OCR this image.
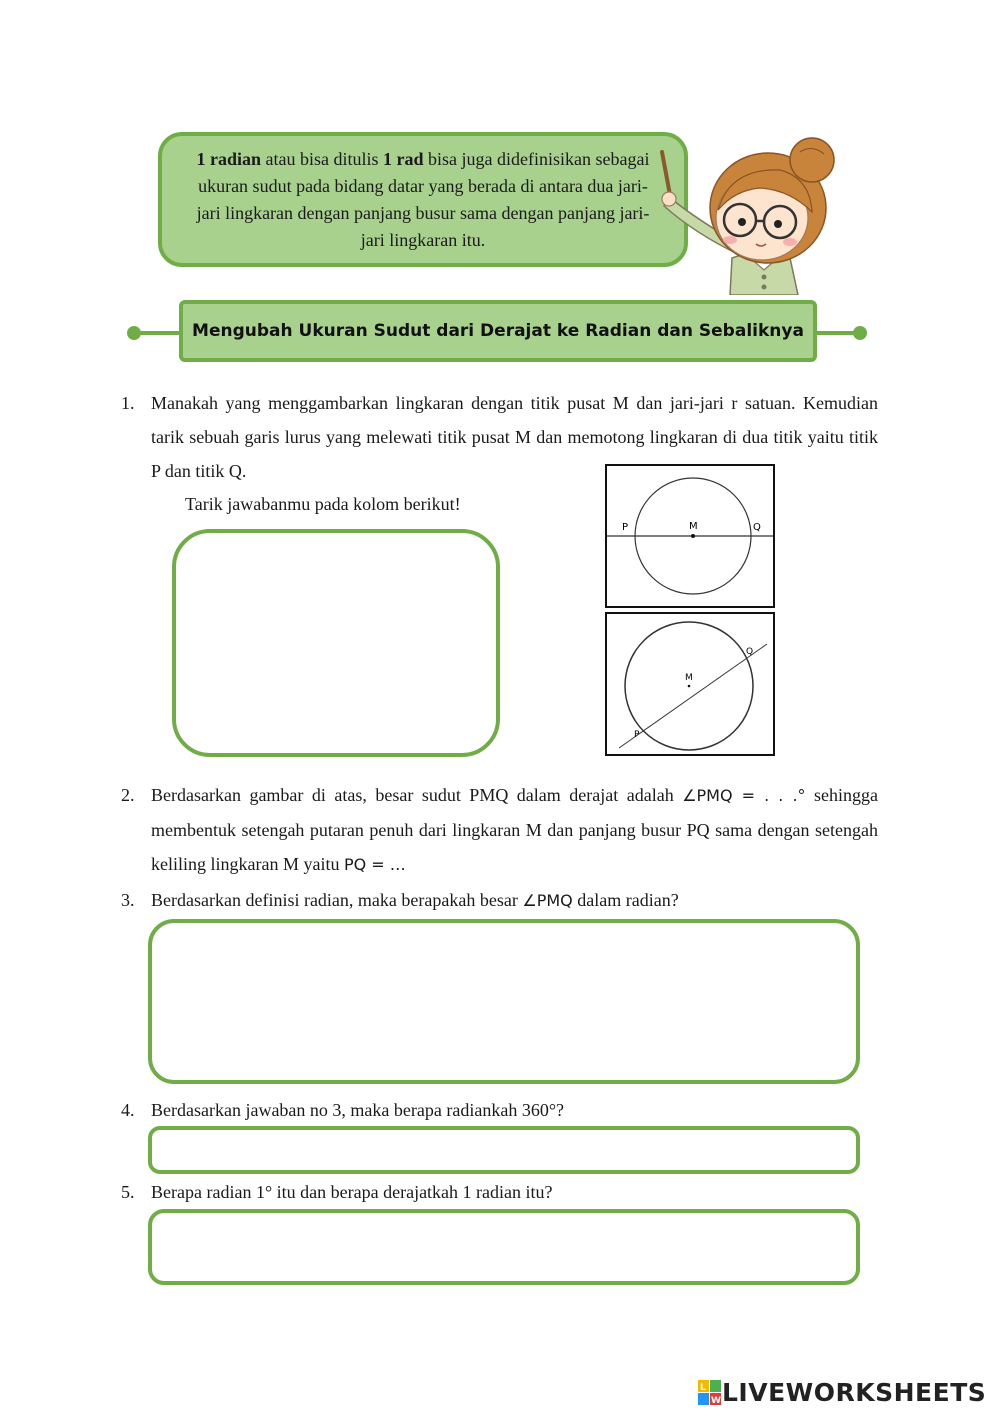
1 radian atau bisa ditulis 1 rad bisa juga didefinisikan sebagai ukuran sudut pada bidang datar yang berada di antara dua jari-jari lingkaran dengan panjang busur sama dengan panjang jari-jari lingkaran itu.

Mengubah Ukuran Sudut dari Derajat ke Radian dan Sebaliknya
1. Manakah yang menggambarkan lingkaran dengan titik pusat M dan jari-jari r satuan. Kemudian tarik sebuah garis lurus yang melewati titik pusat M dan memotong lingkaran di dua titik yaitu titik P dan titik Q.

Tarik jawabanmu pada kolom berikut!
P	M	Q
P
M
Q
2. Berdasarkan gambar di atas, besar sudut PMQ dalam derajat adalah ∠PMQ = . . .° sehingga membentuk setengah putaran penuh dari lingkaran M dan panjang busur PQ sama dengan setengah keliling lingkaran M yaitu PQ = …

3. Berdasarkan definisi radian, maka berapakah besar ∠PMQ dalam radian?

4. Berdasarkan jawaban no 3, maka berapa radiankah 360°?

5. Berapa radian 1° itu dan berapa derajatkah 1 radian itu?

L
W LIVEWORKSHEETS
